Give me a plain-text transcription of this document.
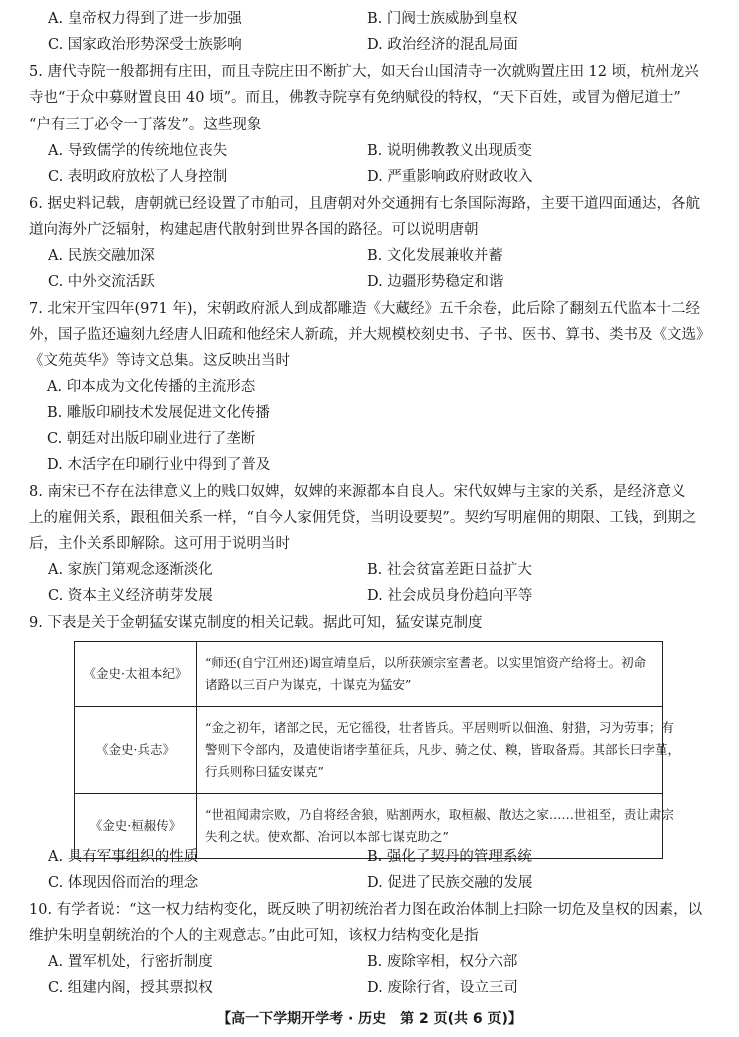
A. 皇帝权力得到了进一步加强	B. 门阀士族威胁到皇权
C. 国家政治形势深受士族影响	D. 政治经济的混乱局面
5. 唐代寺院一般都拥有庄田，而且寺院庄田不断扩大，如天台山国清寺一次就购置庄田 12 顷，杭州龙兴
寺也“于众中募财置良田 40 顷”。而且，佛教寺院享有免纳赋役的特权，“天下百姓，或冒为僧尼道士”
“户有三丁必令一丁落发”。这些现象
A. 导致儒学的传统地位丧失	B. 说明佛教教义出现质变
C. 表明政府放松了人身控制	D. 严重影响政府财政收入
6. 据史料记载，唐朝就已经设置了市舶司，且唐朝对外交通拥有七条国际海路，主要干道四面通达，各航
道向海外广泛辐射，构建起唐代散射到世界各国的路径。可以说明唐朝
A. 民族交融加深	B. 文化发展兼收并蓄
C. 中外交流活跃	D. 边疆形势稳定和谐
7. 北宋开宝四年(971 年)，宋朝政府派人到成都雕造《大藏经》五千余卷，此后除了翻刻五代监本十二经
外，国子监还遍刻九经唐人旧疏和他经宋人新疏，并大规模校刻史书、子书、医书、算书、类书及《文选》
《文苑英华》等诗文总集。这反映出当时
A. 印本成为文化传播的主流形态
B. 雕版印刷技术发展促进文化传播
C. 朝廷对出版印刷业进行了垄断
D. 木活字在印刷行业中得到了普及
8. 南宋已不存在法律意义上的贱口奴婢，奴婢的来源都本自良人。宋代奴婢与主家的关系，是经济意义
上的雇佣关系，跟租佃关系一样，“自今人家佣凭贷，当明设要契”。契约写明雇佣的期限、工钱，到期之
后，主仆关系即解除。这可用于说明当时
A. 家族门第观念逐渐淡化	B. 社会贫富差距日益扩大
C. 资本主义经济萌芽发展	D. 社会成员身份趋向平等
9. 下表是关于金朝猛安谋克制度的相关记载。据此可知，猛安谋克制度
《金史·太祖本纪》	“师还(自宁江州还)谒宣靖皇后，以所获颁宗室耆老。以实里馆资产给将士。初命
诸路以三百户为谋克，十谋克为猛安”

《金史·兵志》	“金之初年，诸部之民，无它徭役，壮者皆兵。平居则听以佃渔、射猎，习为劳事；有
警则下令部内，及遣使诣诸孛堇征兵，凡步、骑之仗、糗，皆取备焉。其部长曰孛堇，
行兵则称曰猛安谋克”

《金史·桓赧传》	“世祖闻肃宗败，乃自将经舍狼，贴割两水，取桓赧、散达之家……世祖至，责让肃宗
失利之状。使欢都、冶诃以本部七谋克助之”
A. 具有军事组织的性质	B. 强化了契丹的管理系统
C. 体现因俗而治的理念	D. 促进了民族交融的发展
10. 有学者说：“这一权力结构变化，既反映了明初统治者力图在政治体制上扫除一切危及皇权的因素，以
维护朱明皇朝统治的个人的主观意志。”由此可知，该权力结构变化是指
A. 置军机处，行密折制度	B. 废除宰相，权分六部
C. 组建内阁，授其票拟权	D. 废除行省，设立三司
【高一下学期开学考 · 历史　第 2 页(共 6 页)】
